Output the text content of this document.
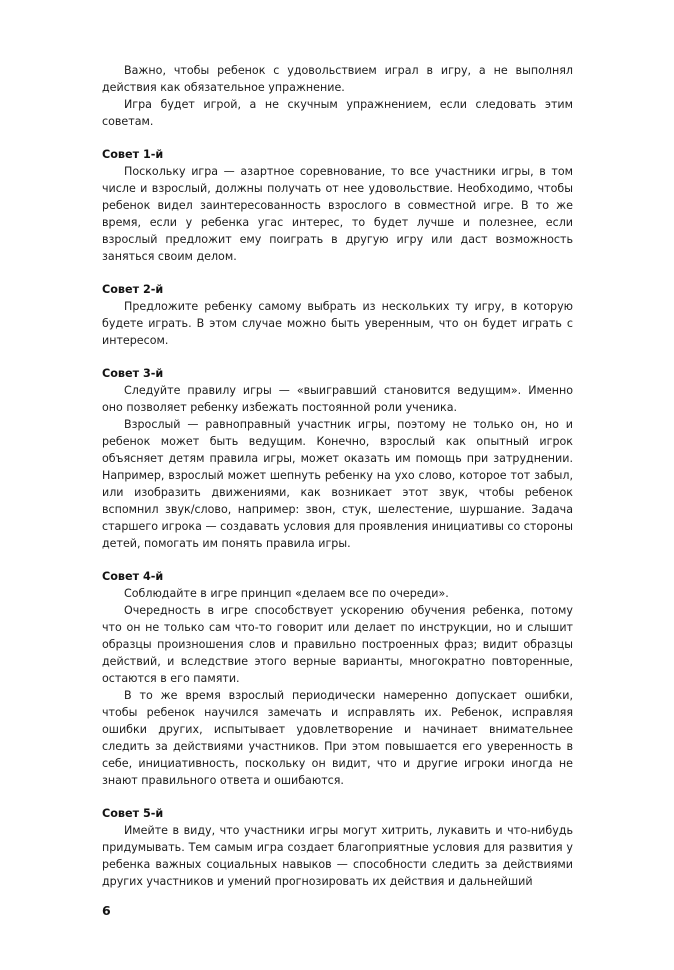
Важно, чтобы ребенок с удовольствием играл в игру, а не выполнял действия как обязательное упражнение.

Игра будет игрой, а не скучным упражнением, если следовать этим советам.

Совет 1-й

Поскольку игра — азартное соревнование, то все участники игры, в том числе и взрослый, должны получать от нее удовольствие. Необходимо, чтобы ребенок видел заинтересованность взрослого в совместной игре. В то же время, если у ребенка угас интерес, то будет лучше и полезнее, если взрослый предложит ему поиграть в другую игру или даст возможность заняться своим делом.

Совет 2-й

Предложите ребенку самому выбрать из нескольких ту игру, в которую будете играть. В этом случае можно быть уверенным, что он будет играть с интересом.

Совет 3-й

Следуйте правилу игры — «выигравший становится ведущим». Именно оно позволяет ребенку избежать постоянной роли ученика.

Взрослый — равноправный участник игры, поэтому не только он, но и ребенок может быть ведущим. Конечно, взрослый как опытный игрок объясняет детям правила игры, может оказать им помощь при затруднении. Например, взрослый может шепнуть ребенку на ухо слово, которое тот забыл, или изобразить движениями, как возникает этот звук, чтобы ребенок вспомнил звук/слово, например: звон, стук, шелестение, шуршание. Задача старшего игрока — создавать условия для проявления инициативы со стороны детей, помогать им понять правила игры.

Совет 4-й

Соблюдайте в игре принцип «делаем все по очереди».

Очередность в игре способствует ускорению обучения ребенка, потому что он не только сам что-то говорит или делает по инструкции, но и слышит образцы произношения слов и правильно построенных фраз; видит образцы действий, и вследствие этого верные варианты, многократно повторенные, остаются в его памяти.

В то же время взрослый периодически намеренно допускает ошибки, чтобы ребенок научился замечать и исправлять их. Ребенок, исправляя ошибки других, испытывает удовлетворение и начинает внимательнее следить за действиями участников. При этом повышается его уверенность в себе, инициативность, поскольку он видит, что и другие игроки иногда не знают правильного ответа и ошибаются.

Совет 5-й

Имейте в виду, что участники игры могут хитрить, лукавить и что-нибудь придумывать. Тем самым игра создает благоприятные условия для развития у ребенка важных социальных навыков — способности следить за действиями других участников и умений прогнозировать их действия и дальнейший

6
